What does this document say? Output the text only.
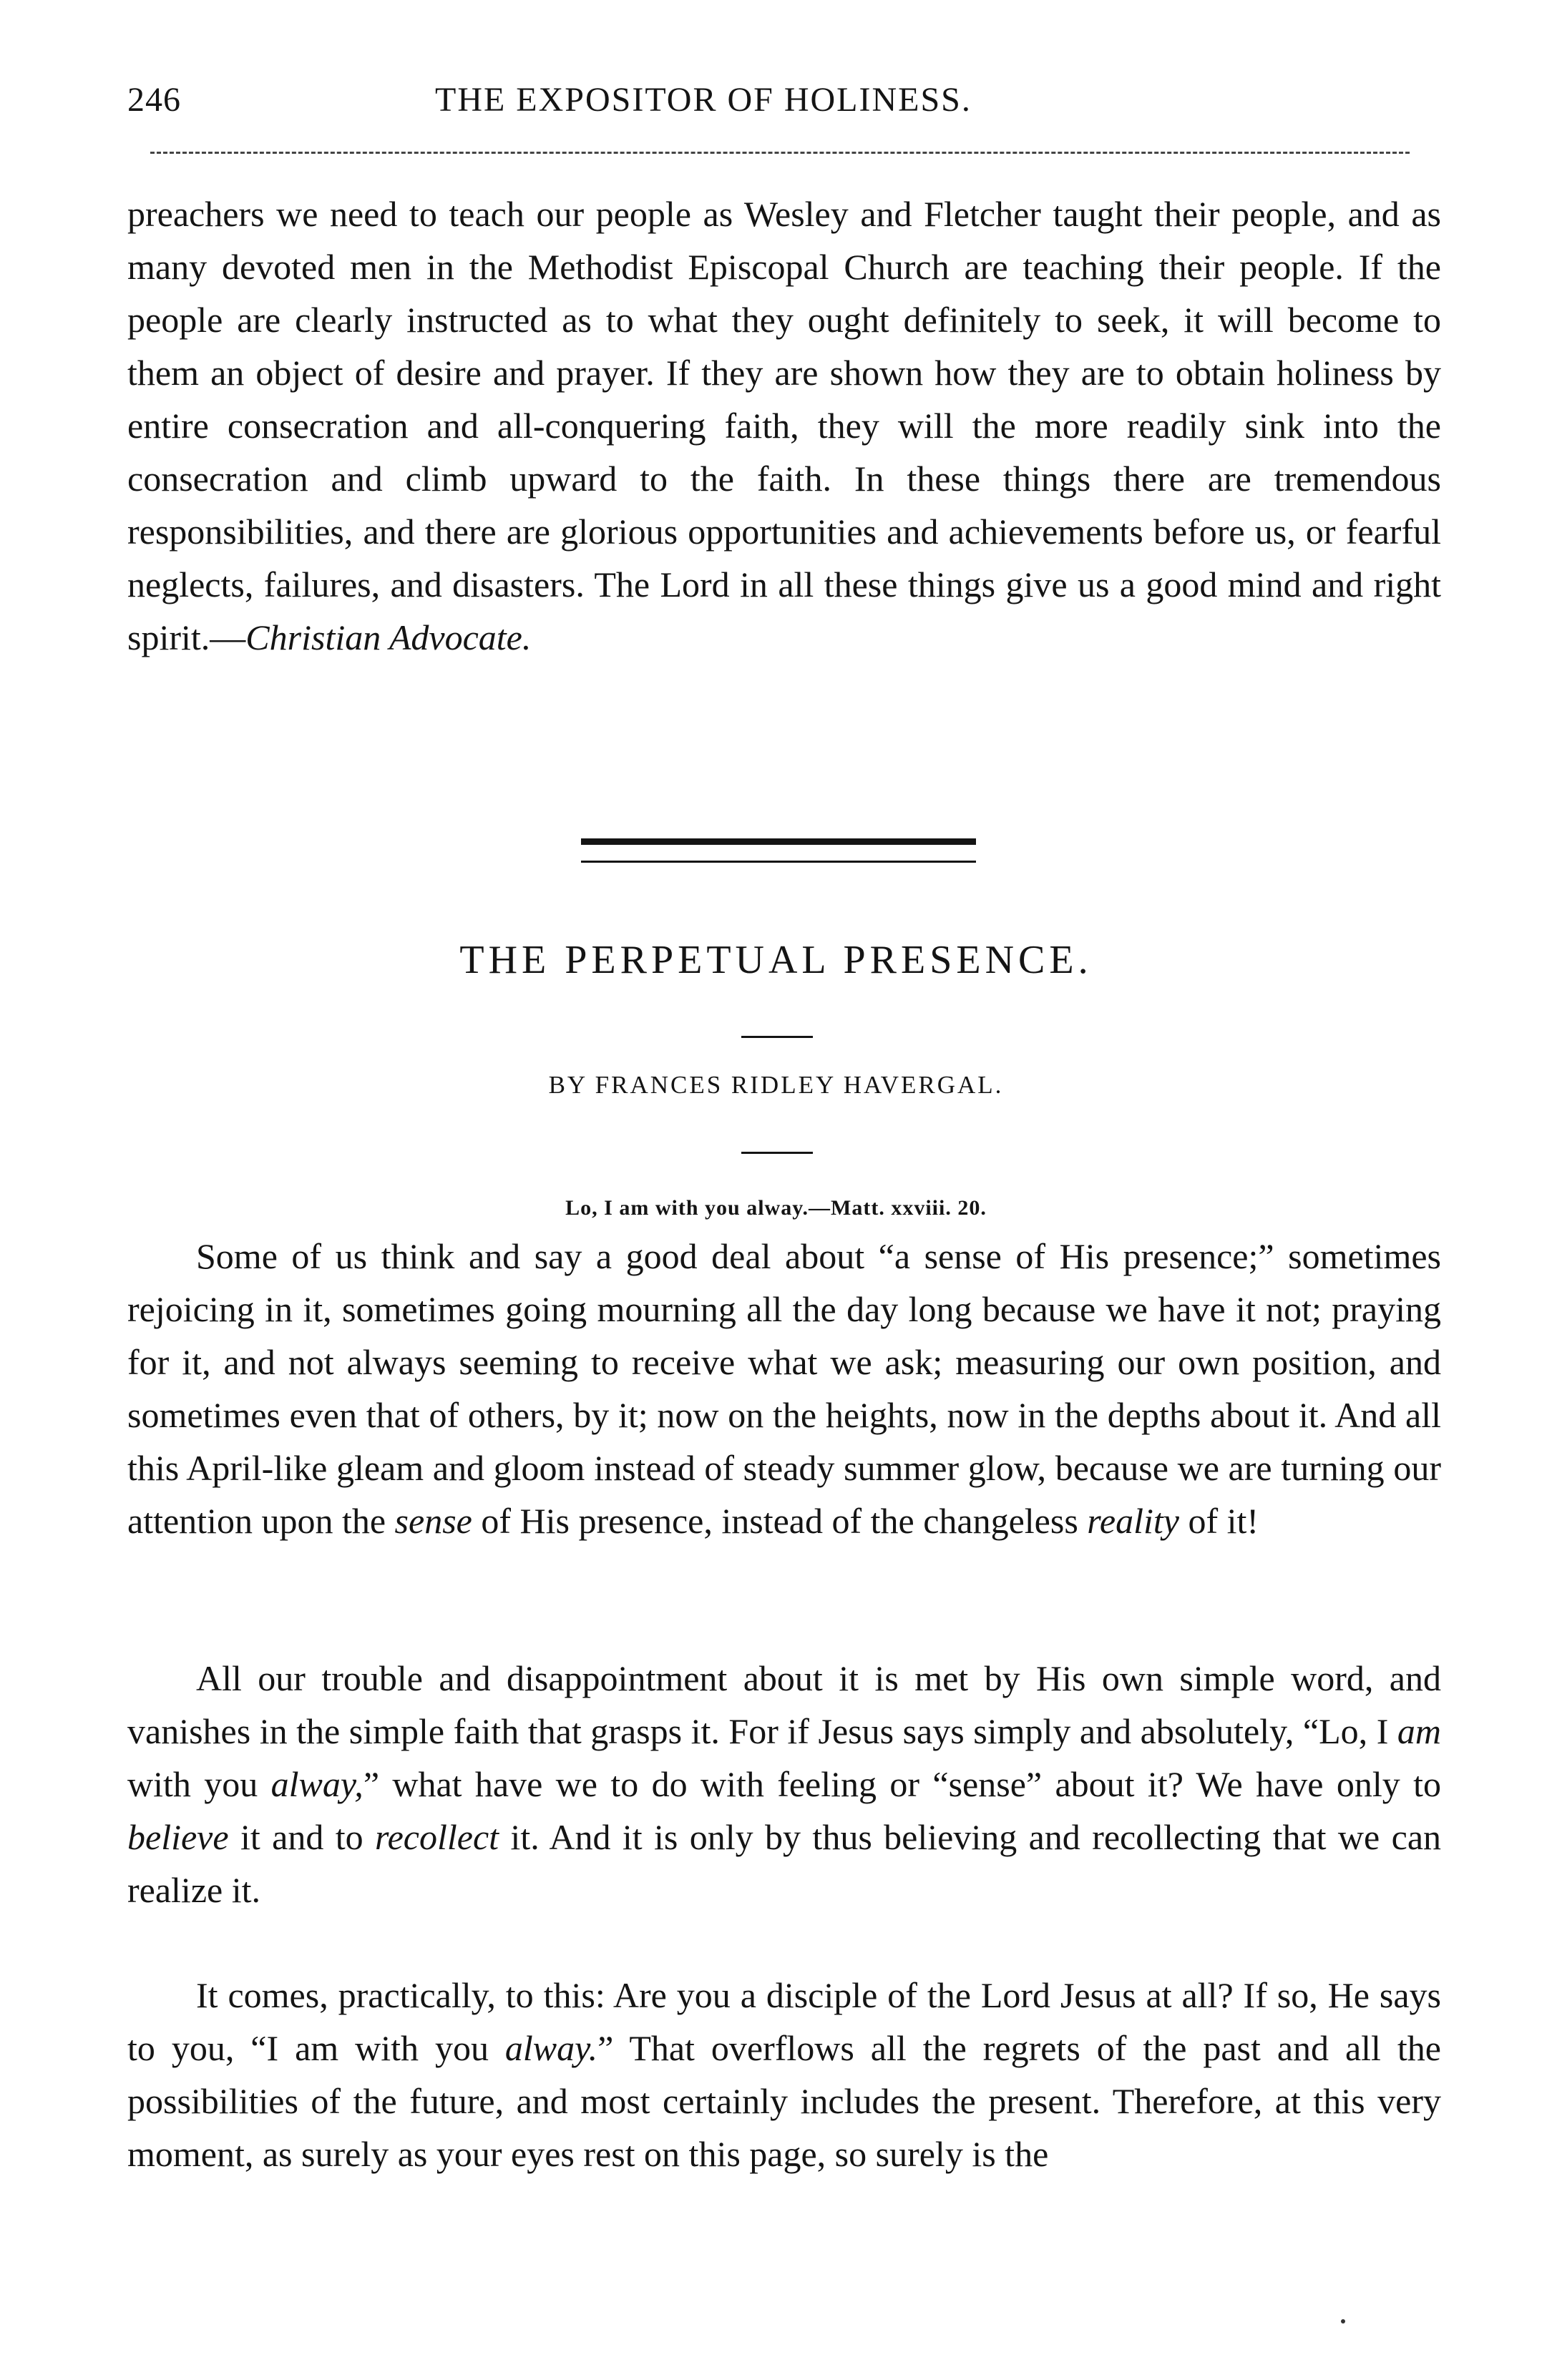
246	THE EXPOSITOR OF HOLINESS.

preachers we need to teach our people as Wesley and Fletcher taught their people, and as many devoted men in the Methodist Episcopal Church are teaching their people. If the people are clearly instructed as to what they ought definitely to seek, it will become to them an object of desire and prayer. If they are shown how they are to obtain holiness by entire consecration and all-conquering faith, they will the more readily sink into the consecration and climb upward to the faith. In these things there are tremendous responsibilities, and there are glorious opportunities and achievements before us, or fearful neglects, failures, and disasters. The Lord in all these things give us a good mind and right spirit.—Christian Advocate.

THE PERPETUAL PRESENCE.
BY FRANCES RIDLEY HAVERGAL.
Lo, I am with you alway.—Matt. xxviii. 20.

Some of us think and say a good deal about “a sense of His presence;” sometimes rejoicing in it, sometimes going mourning all the day long because we have it not; praying for it, and not always seeming to receive what we ask; measuring our own position, and sometimes even that of others, by it; now on the heights, now in the depths about it. And all this April-like gleam and gloom instead of steady summer glow, because we are turning our attention upon the sense of His presence, instead of the changeless reality of it!

All our trouble and disappointment about it is met by His own simple word, and vanishes in the simple faith that grasps it. For if Jesus says simply and absolutely, “Lo, I am with you alway,” what have we to do with feeling or “sense” about it? We have only to believe it and to recollect it. And it is only by thus believing and recollecting that we can realize it.

It comes, practically, to this: Are you a disciple of the Lord Jesus at all? If so, He says to you, “I am with you alway.” That overflows all the regrets of the past and all the possibilities of the future, and most certainly includes the present. Therefore, at this very moment, as surely as your eyes rest on this page, so surely is the
